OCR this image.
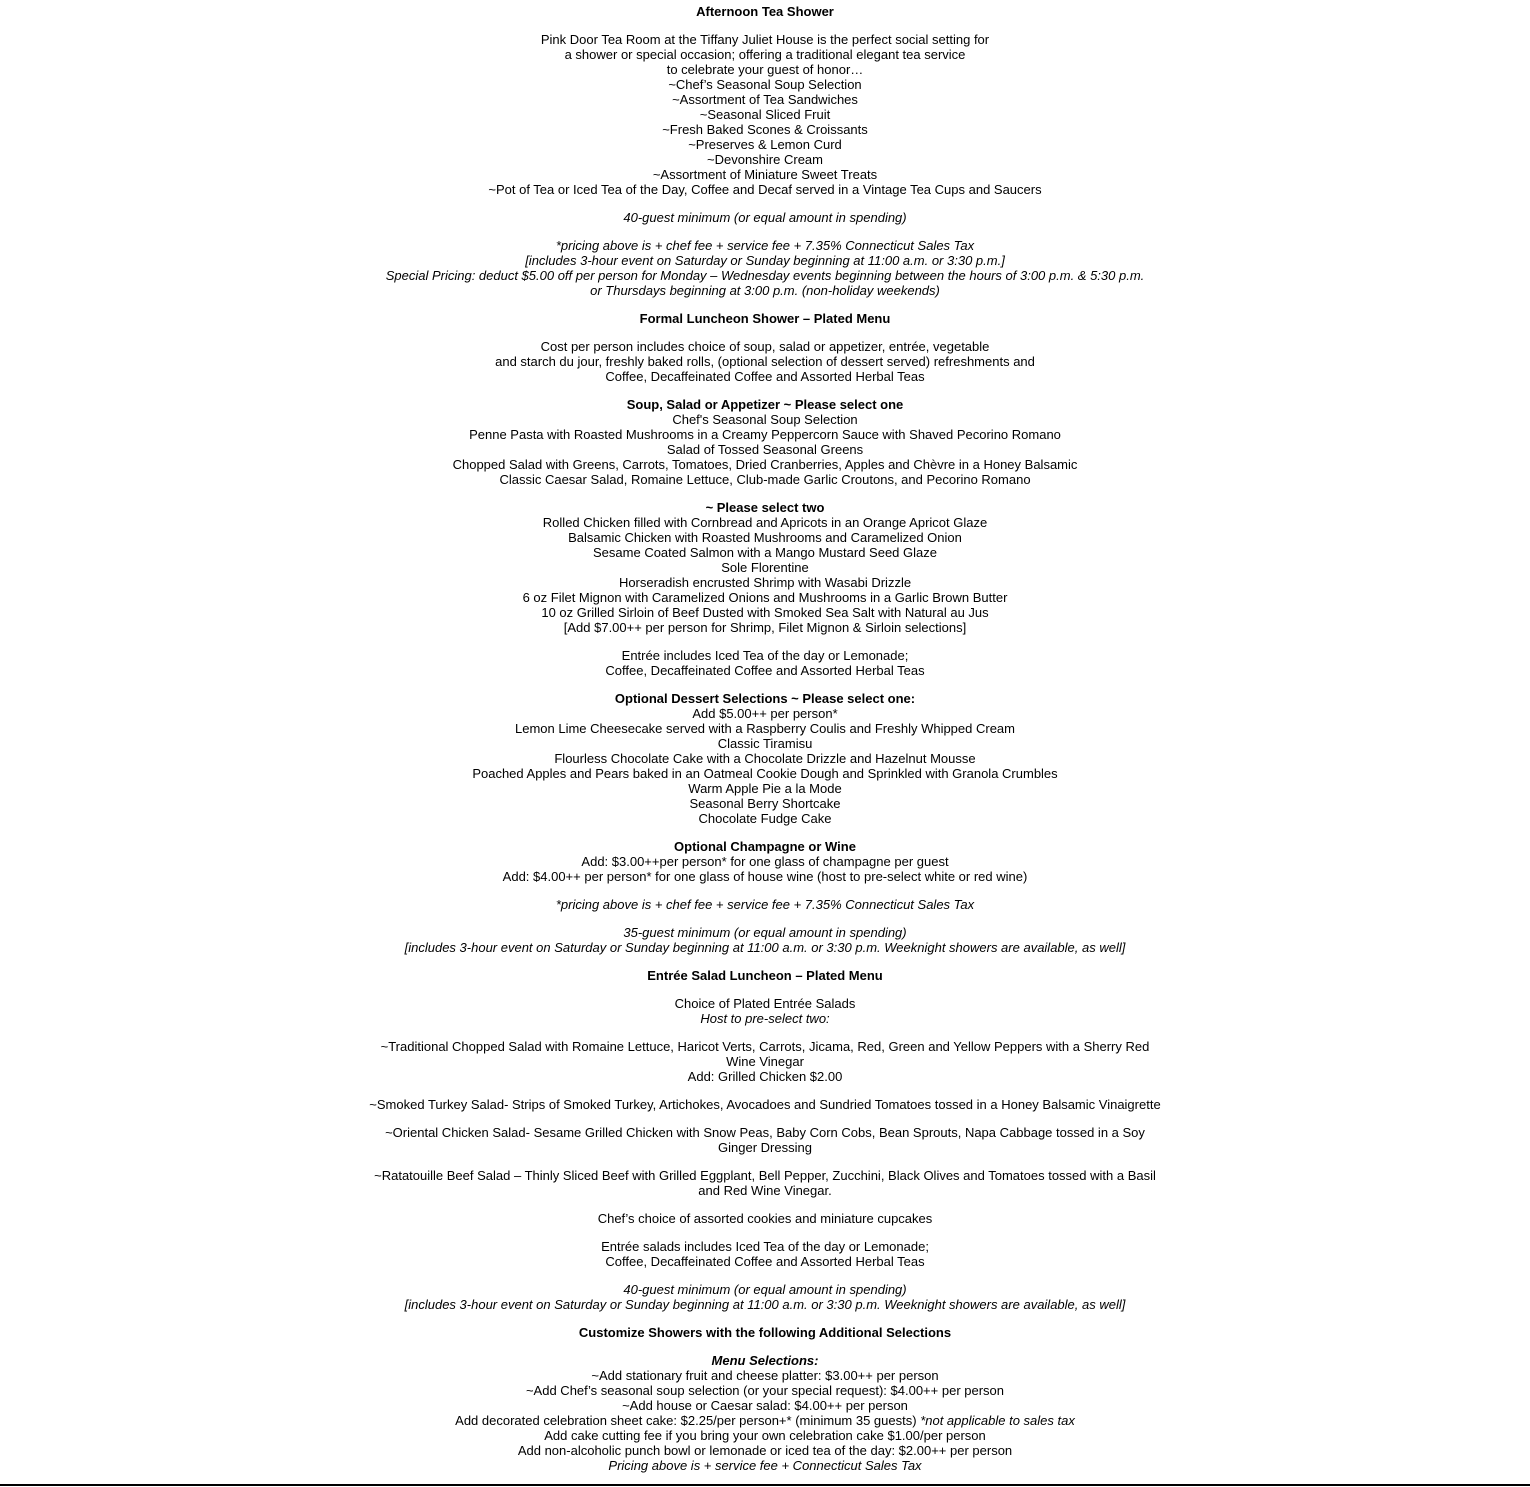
Afternoon Tea Shower
Pink Door Tea Room at the Tiffany Juliet House is the perfect social setting for
a shower or special occasion; offering a traditional elegant tea service
to celebrate your guest of honor…
~Chef’s Seasonal Soup Selection
~Assortment of Tea Sandwiches
~Seasonal Sliced Fruit
~Fresh Baked Scones & Croissants
~Preserves & Lemon Curd
~Devonshire Cream
~Assortment of Miniature Sweet Treats
~Pot of Tea or Iced Tea of the Day, Coffee and Decaf served in a Vintage Tea Cups and Saucers
40-guest minimum (or equal amount in spending)
*pricing above is + chef fee + service fee + 7.35% Connecticut Sales Tax
[includes 3-hour event on Saturday or Sunday beginning at 11:00 a.m. or 3:30 p.m.]
Special Pricing: deduct $5.00 off per person for Monday – Wednesday events beginning between the hours of 3:00 p.m. & 5:30 p.m.
or Thursdays beginning at 3:00 p.m. (non-holiday weekends)
Formal Luncheon Shower – Plated Menu
Cost per person includes choice of soup, salad or appetizer, entrée, vegetable
and starch du jour, freshly baked rolls, (optional selection of dessert served) refreshments and
Coffee, Decaffeinated Coffee and Assorted Herbal Teas
Soup, Salad or Appetizer ~ Please select one
Chef's Seasonal Soup Selection
Penne Pasta with Roasted Mushrooms in a Creamy Peppercorn Sauce with Shaved Pecorino Romano
Salad of Tossed Seasonal Greens
Chopped Salad with Greens, Carrots, Tomatoes, Dried Cranberries, Apples and Chèvre in a Honey Balsamic
Classic Caesar Salad, Romaine Lettuce, Club-made Garlic Croutons, and Pecorino Romano
~ Please select two
Rolled Chicken filled with Cornbread and Apricots in an Orange Apricot Glaze
Balsamic Chicken with Roasted Mushrooms and Caramelized Onion
Sesame Coated Salmon with a Mango Mustard Seed Glaze
Sole Florentine
Horseradish encrusted Shrimp with Wasabi Drizzle
6 oz Filet Mignon with Caramelized Onions and Mushrooms in a Garlic Brown Butter
10 oz Grilled Sirloin of Beef Dusted with Smoked Sea Salt with Natural au Jus
[Add $7.00++ per person for Shrimp, Filet Mignon & Sirloin selections]
Entrée includes Iced Tea of the day or Lemonade;
Coffee, Decaffeinated Coffee and Assorted Herbal Teas
Optional Dessert Selections ~ Please select one:
Add $5.00++ per person*
Lemon Lime Cheesecake served with a Raspberry Coulis and Freshly Whipped Cream
Classic Tiramisu
Flourless Chocolate Cake with a Chocolate Drizzle and Hazelnut Mousse
Poached Apples and Pears baked in an Oatmeal Cookie Dough and Sprinkled with Granola Crumbles
Warm Apple Pie a la Mode
Seasonal Berry Shortcake
Chocolate Fudge Cake
Optional Champagne or Wine
Add: $3.00++per person* for one glass of champagne per guest
Add: $4.00++ per person* for one glass of house wine (host to pre-select white or red wine)
*pricing above is + chef fee + service fee + 7.35% Connecticut Sales Tax
35-guest minimum (or equal amount in spending)
[includes 3-hour event on Saturday or Sunday beginning at 11:00 a.m. or 3:30 p.m. Weeknight showers are available, as well]
Entrée Salad Luncheon – Plated Menu
Choice of Plated Entrée Salads
Host to pre-select two:
~Traditional Chopped Salad with Romaine Lettuce, Haricot Verts, Carrots, Jicama, Red, Green and Yellow Peppers with a Sherry Red Wine Vinegar
Add: Grilled Chicken $2.00
~Smoked Turkey Salad- Strips of Smoked Turkey, Artichokes, Avocadoes and Sundried Tomatoes tossed in a Honey Balsamic Vinaigrette
~Oriental Chicken Salad- Sesame Grilled Chicken with Snow Peas, Baby Corn Cobs, Bean Sprouts, Napa Cabbage tossed in a Soy Ginger Dressing
~Ratatouille Beef Salad – Thinly Sliced Beef with Grilled Eggplant, Bell Pepper, Zucchini, Black Olives and Tomatoes tossed with a Basil and Red Wine Vinegar.
Chef’s choice of assorted cookies and miniature cupcakes
Entrée salads includes Iced Tea of the day or Lemonade;
Coffee, Decaffeinated Coffee and Assorted Herbal Teas
40-guest minimum (or equal amount in spending)
[includes 3-hour event on Saturday or Sunday beginning at 11:00 a.m. or 3:30 p.m. Weeknight showers are available, as well]
Customize Showers with the following Additional Selections
Menu Selections:
~Add stationary fruit and cheese platter: $3.00++ per person
~Add Chef’s seasonal soup selection (or your special request): $4.00++ per person
~Add house or Caesar salad: $4.00++ per person
Add decorated celebration sheet cake: $2.25/per person+* (minimum 35 guests) *not applicable to sales tax
Add cake cutting fee if you bring your own celebration cake $1.00/per person
Add non-alcoholic punch bowl or lemonade or iced tea of the day: $2.00++ per person
Pricing above is + service fee + Connecticut Sales Tax
